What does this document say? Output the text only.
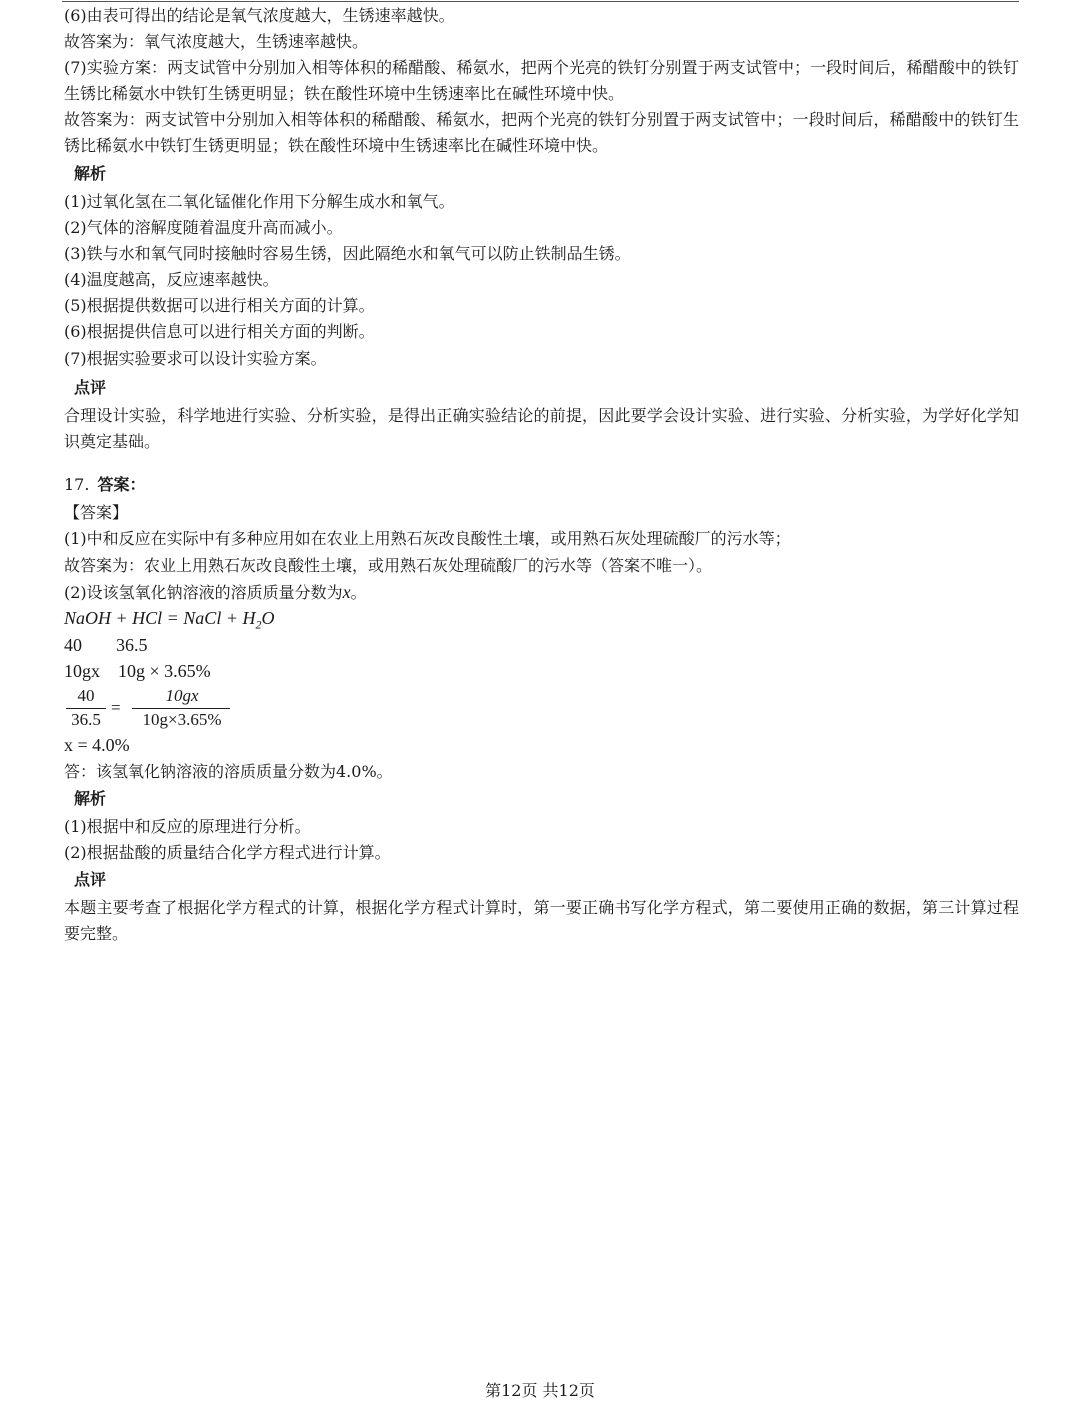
(6)由表可得出的结论是氧气浓度越大，生锈速率越快。
故答案为：氧气浓度越大，生锈速率越快。
(7)实验方案：两支试管中分别加入相等体积的稀醋酸、稀氨水，把两个光亮的铁钉分别置于两支试管中；一段时间后，稀醋酸中的铁钉生锈比稀氨水中铁钉生锈更明显；铁在酸性环境中生锈速率比在碱性环境中快。
故答案为：两支试管中分别加入相等体积的稀醋酸、稀氨水，把两个光亮的铁钉分别置于两支试管中；一段时间后，稀醋酸中的铁钉生锈比稀氨水中铁钉生锈更明显；铁在酸性环境中生锈速率比在碱性环境中快。
解析
(1)过氧化氢在二氧化锰催化作用下分解生成水和氧气。
(2)气体的溶解度随着温度升高而减小。
(3)铁与水和氧气同时接触时容易生锈，因此隔绝水和氧气可以防止铁制品生锈。
(4)温度越高，反应速率越快。
(5)根据提供数据可以进行相关方面的计算。
(6)根据提供信息可以进行相关方面的判断。
(7)根据实验要求可以设计实验方案。
点评
合理设计实验，科学地进行实验、分析实验，是得出正确实验结论的前提，因此要学会设计实验、进行实验、分析实验，为学好化学知识奠定基础。
17. 答案：
【答案】
(1)中和反应在实际中有多种应用如在农业上用熟石灰改良酸性土壤，或用熟石灰处理硫酸厂的污水等；
故答案为：农业上用熟石灰改良酸性土壤，或用熟石灰处理硫酸厂的污水等（答案不唯一）。
(2)设该氢氧化钠溶液的溶质质量分数为x。
NaOH + HCl = NaCl + $H_2O$
40 36.5
10gx 10g × 3.65%
40
36.5
=
10gx
10g×3.65%
x = 4.0%
答：该氢氧化钠溶液的溶质质量分数为4.0%。
解析
(1)根据中和反应的原理进行分析。
(2)根据盐酸的质量结合化学方程式进行计算。
点评
本题主要考查了根据化学方程式的计算，根据化学方程式计算时，第一要正确书写化学方程式，第二要使用正确的数据，第三计算过程要完整。
第12页 共12页
